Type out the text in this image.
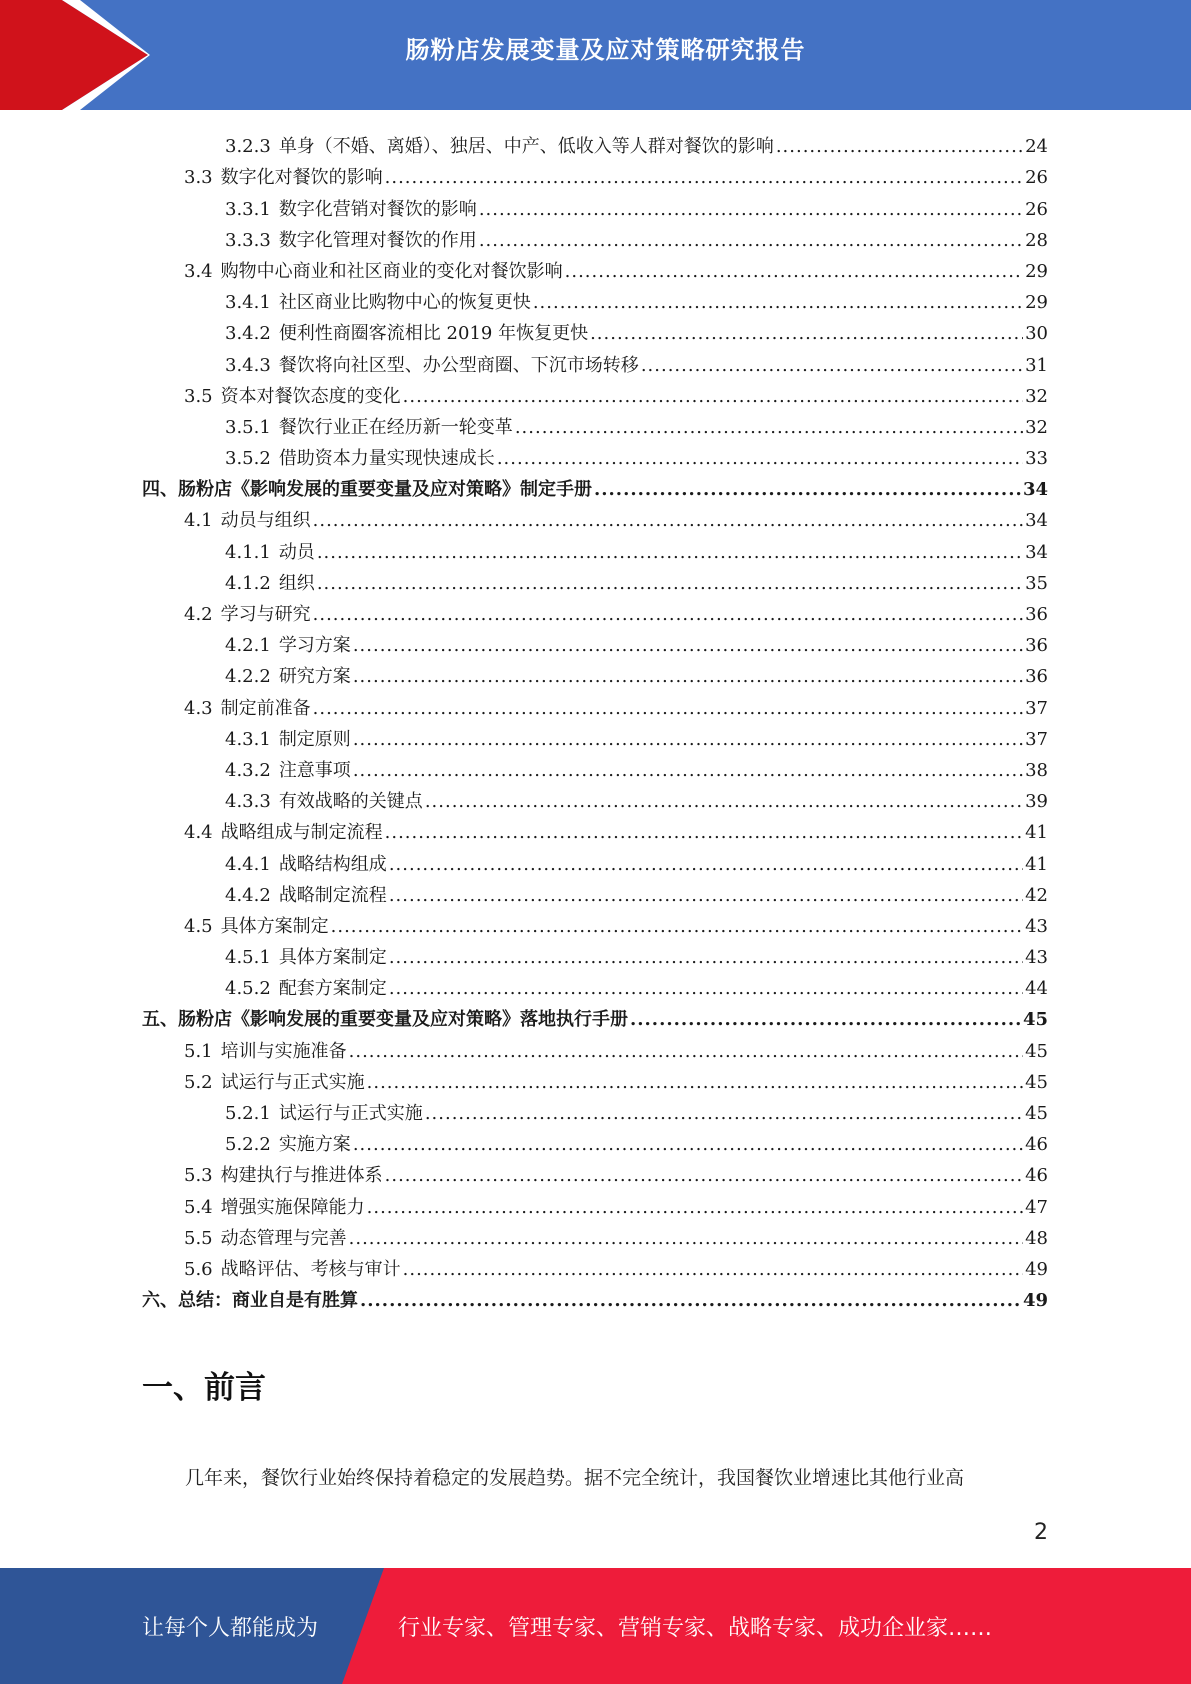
肠粉店发展变量及应对策略研究报告
3.2.3 单身（不婚、离婚）、独居、中产、低收入等人群对餐饮的影响 .....	24
3.3 数字化对餐饮的影响 .....	26
3.3.1 数字化营销对餐饮的影响 .....	26
3.3.3 数字化管理对餐饮的作用 .....	28
3.4 购物中心商业和社区商业的变化对餐饮影响 .....	29
3.4.1 社区商业比购物中心的恢复更快 .....	29
3.4.2 便利性商圈客流相比 2019 年恢复更快 .....	30
3.4.3 餐饮将向社区型、办公型商圈、下沉市场转移 .....	31
3.5 资本对餐饮态度的变化 .....	32
3.5.1 餐饮行业正在经历新一轮变革 .....	32
3.5.2 借助资本力量实现快速成长 .....	33
四、肠粉店《影响发展的重要变量及应对策略》制定手册 .....	34
4.1 动员与组织 .....	34
4.1.1 动员 .....	34
4.1.2 组织 .....	35
4.2 学习与研究 .....	36
4.2.1 学习方案 .....	36
4.2.2 研究方案 .....	36
4.3 制定前准备 .....	37
4.3.1 制定原则 .....	37
4.3.2 注意事项 .....	38
4.3.3 有效战略的关键点 .....	39
4.4 战略组成与制定流程 .....	41
4.4.1 战略结构组成 .....	41
4.4.2 战略制定流程 .....	42
4.5 具体方案制定 .....	43
4.5.1 具体方案制定 .....	43
4.5.2 配套方案制定 .....	44
五、肠粉店《影响发展的重要变量及应对策略》落地执行手册 .....	45
5.1 培训与实施准备 .....	45
5.2 试运行与正式实施 .....	45
5.2.1 试运行与正式实施 .....	45
5.2.2 实施方案 .....	46
5.3 构建执行与推进体系 .....	46
5.4 增强实施保障能力 .....	47
5.5 动态管理与完善 .....	48
5.6 战略评估、考核与审计 .....	49
六、总结：商业自是有胜算 .....	49
一、前言
几年来，餐饮行业始终保持着稳定的发展趋势。据不完全统计，我国餐饮业增速比其他行业高
2
让每个人都能成为	行业专家、管理专家、营销专家、战略专家、成功企业家……
